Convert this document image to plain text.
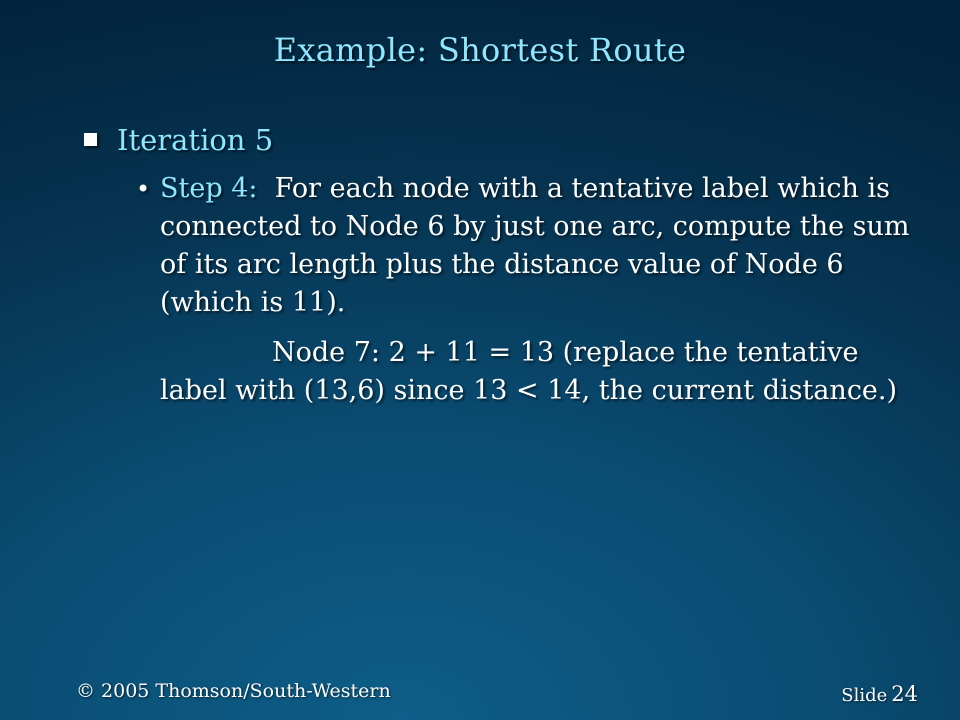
Example: Shortest Route
Iteration 5
• Step 4: For each node with a tentative label which is connected to Node 6 by just one arc, compute the sum of its arc length plus the distance value of Node 6 (which is 11).
Node 7: 2 + 11 = 13 (replace the tentative label with (13,6) since 13 < 14, the current distance.)
© 2005 Thomson/South-Western	Slide 24
